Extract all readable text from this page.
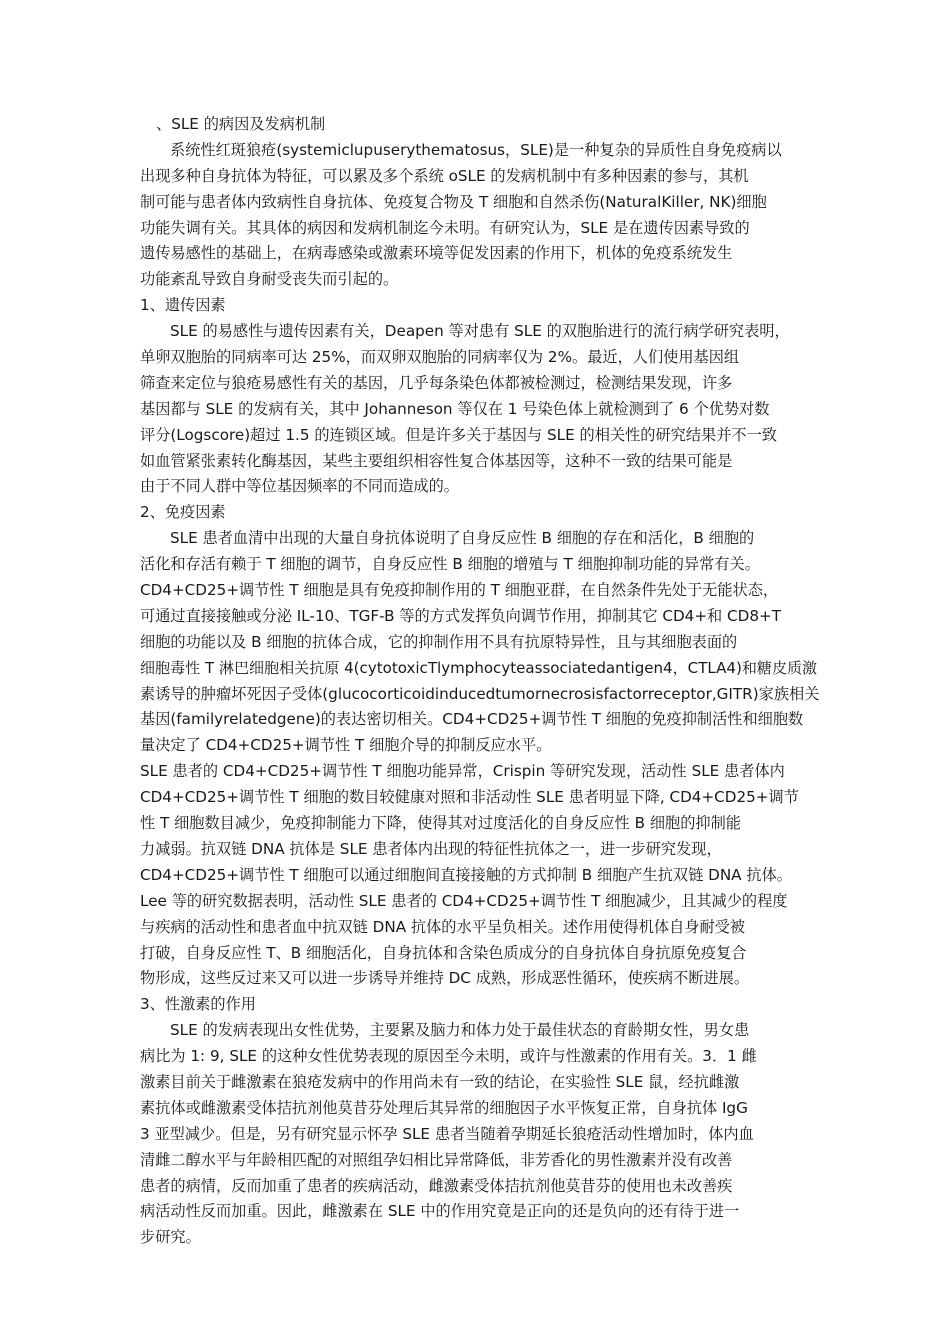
、SLE 的病因及发病机制
系统性红斑狼疮(systemiclupuserythematosus，SLE)是一种复杂的异质性自身免疫病以
出现多种自身抗体为特征，可以累及多个系统 oSLE 的发病机制中有多种因素的参与，其机
制可能与患者体内致病性自身抗体、免疫复合物及 T 细胞和自然杀伤(NaturalKiller, NK)细胞
功能失调有关。其具体的病因和发病机制迄今未明。有研究认为，SLE 是在遗传因素导致的
遗传易感性的基础上，在病毒感染或激素环境等促发因素的作用下，机体的免疫系统发生
功能紊乱导致自身耐受丧失而引起的。
1、遗传因素
SLE 的易感性与遗传因素有关，Deapen 等对患有 SLE 的双胞胎进行的流行病学研究表明，
单卵双胞胎的同病率可达 25%，而双卵双胞胎的同病率仅为 2%。最近，人们使用基因组
筛查来定位与狼疮易感性有关的基因，几乎每条染色体都被检测过，检测结果发现，许多
基因都与 SLE 的发病有关，其中 Johanneson 等仅在 1 号染色体上就检测到了 6 个优势对数
评分(Logscore)超过 1.5 的连锁区域。但是许多关于基因与 SLE 的相关性的研究结果并不一致
如血管紧张素转化酶基因，某些主要组织相容性复合体基因等，这种不一致的结果可能是
由于不同人群中等位基因频率的不同而造成的。
2、免疫因素
SLE 患者血清中出现的大量自身抗体说明了自身反应性 B 细胞的存在和活化，B 细胞的
活化和存活有赖于 T 细胞的调节，自身反应性 B 细胞的增殖与 T 细胞抑制功能的异常有关。
CD4+CD25+调节性 T 细胞是具有免疫抑制作用的 T 细胞亚群，在自然条件先处于无能状态，
可通过直接接触或分泌 IL-10、TGF-B 等的方式发挥负向调节作用，抑制其它 CD4+和 CD8+T
细胞的功能以及 B 细胞的抗体合成，它的抑制作用不具有抗原特异性，且与其细胞表面的
细胞毒性 T 淋巴细胞相关抗原 4(cytotoxicTlymphocyteassociatedantigen4，CTLA4)和糖皮质激
素诱导的肿瘤坏死因子受体(glucocorticoidinducedtumornecrosisfactorreceptor,GITR)家族相关
基因(familyrelatedgene)的表达密切相关。CD4+CD25+调节性 T 细胞的免疫抑制活性和细胞数
量决定了 CD4+CD25+调节性 T 细胞介导的抑制反应水平。
SLE 患者的 CD4+CD25+调节性 T 细胞功能异常，Crispin 等研究发现，活动性 SLE 患者体内
CD4+CD25+调节性 T 细胞的数目较健康对照和非活动性 SLE 患者明显下降, CD4+CD25+调节
性 T 细胞数目减少，免疫抑制能力下降，使得其对过度活化的自身反应性 B 细胞的抑制能
力减弱。抗双链 DNA 抗体是 SLE 患者体内出现的特征性抗体之一，进一步研究发现，
CD4+CD25+调节性 T 细胞可以通过细胞间直接接触的方式抑制 B 细胞产生抗双链 DNA 抗体。
Lee 等的研究数据表明，活动性 SLE 患者的 CD4+CD25+调节性 T 细胞减少，且其减少的程度
与疾病的活动性和患者血中抗双链 DNA 抗体的水平呈负相关。述作用使得机体自身耐受被
打破，自身反应性 T、B 细胞活化，自身抗体和含染色质成分的自身抗体自身抗原免疫复合
物形成，这些反过来又可以进一步诱导并维持 DC 成熟，形成恶性循环，使疾病不断进展。
3、性激素的作用
SLE 的发病表现出女性优势，主要累及脑力和体力处于最佳状态的育龄期女性，男女患
病比为 1: 9, SLE 的这种女性优势表现的原因至今未明，或许与性激素的作用有关。3．1 雌
激素目前关于雌激素在狼疮发病中的作用尚未有一致的结论，在实验性 SLE 鼠，经抗雌激
素抗体或雌激素受体拮抗剂他莫昔芬处理后其异常的细胞因子水平恢复正常，自身抗体 IgG
3 亚型减少。但是，另有研究显示怀孕 SLE 患者当随着孕期延长狼疮活动性增加时，体内血
清雌二醇水平与年龄相匹配的对照组孕妇相比异常降低，非芳香化的男性激素并没有改善
患者的病情，反而加重了患者的疾病活动，雌激素受体拮抗剂他莫昔芬的使用也未改善疾
病活动性反而加重。因此，雌激素在 SLE 中的作用究竟是正向的还是负向的还有待于进一
步研究。
